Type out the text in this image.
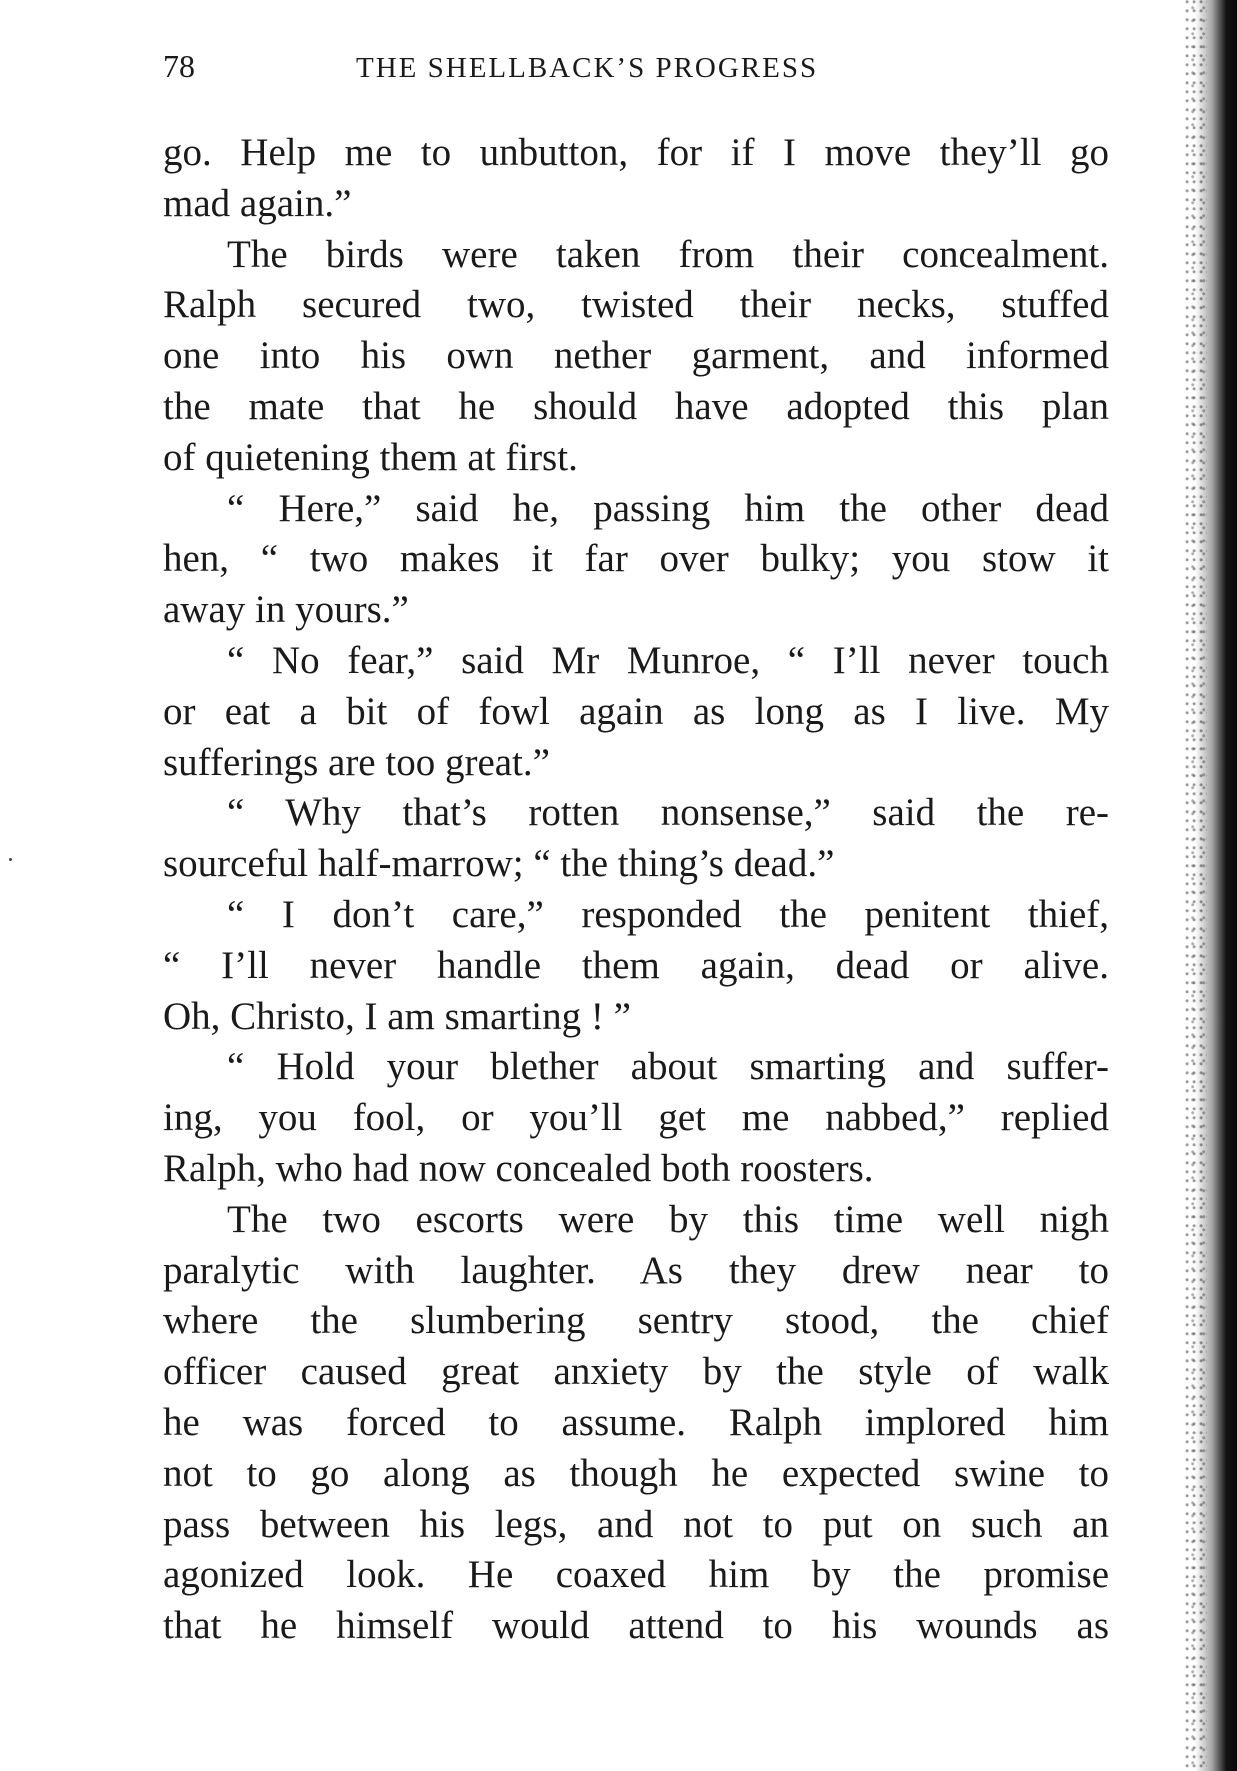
78	THE SHELLBACK’S PROGRESS
go. Help me to unbutton, for if I move they’ll go
mad again.”
The birds were taken from their concealment.
Ralph secured two, twisted their necks, stuffed
one into his own nether garment, and informed
the mate that he should have adopted this plan
of quietening them at first.
“ Here,” said he, passing him the other dead
hen, “ two makes it far over bulky; you stow it
away in yours.”
“ No fear,” said Mr Munroe, “ I’ll never touch
or eat a bit of fowl again as long as I live. My
sufferings are too great.”
“ Why that’s rotten nonsense,” said the re-
sourceful half-marrow; “ the thing’s dead.”
“ I don’t care,” responded the penitent thief,
“ I’ll never handle them again, dead or alive.
Oh, Christo, I am smarting ! ”
“ Hold your blether about smarting and suffer-
ing, you fool, or you’ll get me nabbed,” replied
Ralph, who had now concealed both roosters.
The two escorts were by this time well nigh
paralytic with laughter. As they drew near to
where the slumbering sentry stood, the chief
officer caused great anxiety by the style of walk
he was forced to assume. Ralph implored him
not to go along as though he expected swine to
pass between his legs, and not to put on such an
agonized look. He coaxed him by the promise
that he himself would attend to his wounds as
